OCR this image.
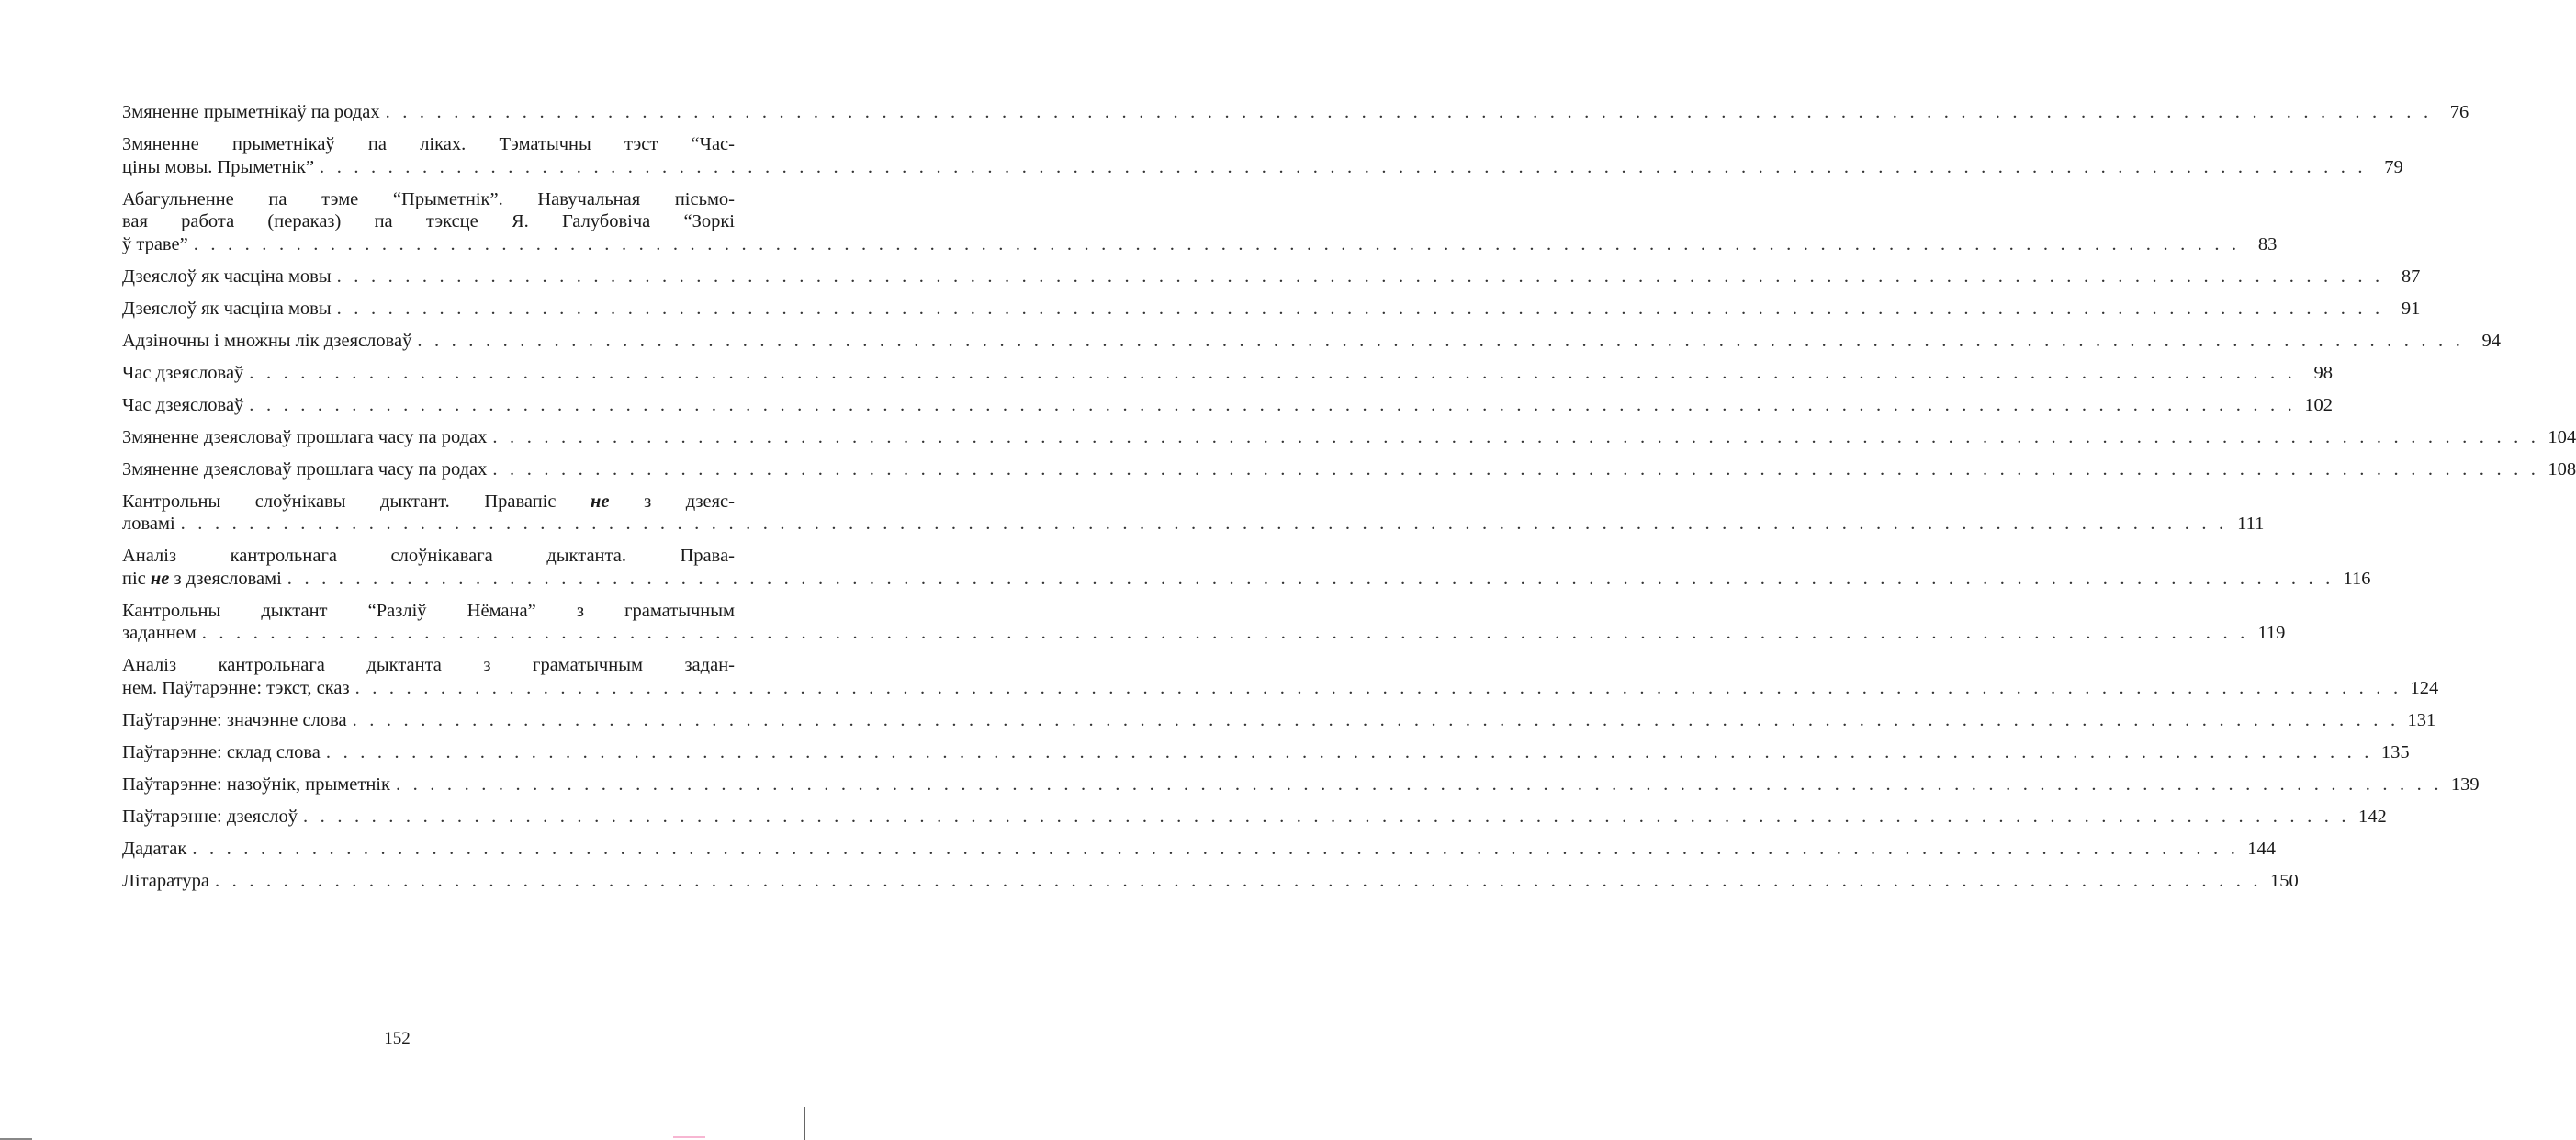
Змяненне прыметнікаў па родах . . . . . . . . . . . . . . . . . . . . . . . . . . . . . . . . . . . . . . . . . . . . . . . . . . . . . . . . . . . . . . . . . . . . . . . . . . . . . . . . . . . . . . . . . . . . . . . . . . . . . . . . . . . . . . . . . . . . . . . . 76
Змяненне прыметнікаў па ліках. Тэматычны тэст “Час-
ціны мовы. Прыметнік” . . . . . . . . . . . . . . . . . . . . . . . . . . . . . . . . . . . . . . . . . . . . . . . . . . . . . . . . . . . . . . . . . . . . . . . . . . . . . . . . . . . . . . . . . . . . . . . . . . . . . . . . . . . . . . . . . . . . . . . . 79
Абагульненне па тэме “Прыметнік”. Навучальная пісьмо-
вая работа (пераказ) па тэксце Я. Галубовіча “Зоркі
ў траве” . . . . . . . . . . . . . . . . . . . . . . . . . . . . . . . . . . . . . . . . . . . . . . . . . . . . . . . . . . . . . . . . . . . . . . . . . . . . . . . . . . . . . . . . . . . . . . . . . . . . . . . . . . . . . . . . . . . . . . . . 83
Дзеяслоў як часціна мовы . . . . . . . . . . . . . . . . . . . . . . . . . . . . . . . . . . . . . . . . . . . . . . . . . . . . . . . . . . . . . . . . . . . . . . . . . . . . . . . . . . . . . . . . . . . . . . . . . . . . . . . . . . . . . . . . . . . . . . . . 87
Дзеяслоў як часціна мовы . . . . . . . . . . . . . . . . . . . . . . . . . . . . . . . . . . . . . . . . . . . . . . . . . . . . . . . . . . . . . . . . . . . . . . . . . . . . . . . . . . . . . . . . . . . . . . . . . . . . . . . . . . . . . . . . . . . . . . . . 91
Адзіночны і множны лік дзеясловаў . . . . . . . . . . . . . . . . . . . . . . . . . . . . . . . . . . . . . . . . . . . . . . . . . . . . . . . . . . . . . . . . . . . . . . . . . . . . . . . . . . . . . . . . . . . . . . . . . . . . . . . . . . . . . . . . . . . . . . . . 94
Час дзеясловаў . . . . . . . . . . . . . . . . . . . . . . . . . . . . . . . . . . . . . . . . . . . . . . . . . . . . . . . . . . . . . . . . . . . . . . . . . . . . . . . . . . . . . . . . . . . . . . . . . . . . . . . . . . . . . . . . . . . . . . . . 98
Час дзеясловаў . . . . . . . . . . . . . . . . . . . . . . . . . . . . . . . . . . . . . . . . . . . . . . . . . . . . . . . . . . . . . . . . . . . . . . . . . . . . . . . . . . . . . . . . . . . . . . . . . . . . . . . . . . . . . . . . . . . . . . . . 102
Змяненне дзеясловаў прошлага часу па родах . . . . . . . . . . . . . . . . . . . . . . . . . . . . . . . . . . . . . . . . . . . . . . . . . . . . . . . . . . . . . . . . . . . . . . . . . . . . . . . . . . . . . . . . . . . . . . . . . . . . . . . . . . . . . . . . . . . . . . . . 104
Змяненне дзеясловаў прошлага часу па родах . . . . . . . . . . . . . . . . . . . . . . . . . . . . . . . . . . . . . . . . . . . . . . . . . . . . . . . . . . . . . . . . . . . . . . . . . . . . . . . . . . . . . . . . . . . . . . . . . . . . . . . . . . . . . . . . . . . . . . . . 108
Кантрольны слоўнікавы дыктант. Правапіс не з дзеяс-
ловамі . . . . . . . . . . . . . . . . . . . . . . . . . . . . . . . . . . . . . . . . . . . . . . . . . . . . . . . . . . . . . . . . . . . . . . . . . . . . . . . . . . . . . . . . . . . . . . . . . . . . . . . . . . . . . . . . . . . . . . . . 111
Аналіз кантрольнага слоўнікавага дыктанта. Права-
піс не з дзеясловамі . . . . . . . . . . . . . . . . . . . . . . . . . . . . . . . . . . . . . . . . . . . . . . . . . . . . . . . . . . . . . . . . . . . . . . . . . . . . . . . . . . . . . . . . . . . . . . . . . . . . . . . . . . . . . . . . . . . . . . . . 116
Кантрольны дыктант “Разліў Нёмана” з граматычным
заданнем . . . . . . . . . . . . . . . . . . . . . . . . . . . . . . . . . . . . . . . . . . . . . . . . . . . . . . . . . . . . . . . . . . . . . . . . . . . . . . . . . . . . . . . . . . . . . . . . . . . . . . . . . . . . . . . . . . . . . . . . 119
Аналіз кантрольнага дыктанта з граматычным задан-
нем. Паўтарэнне: тэкст, сказ . . . . . . . . . . . . . . . . . . . . . . . . . . . . . . . . . . . . . . . . . . . . . . . . . . . . . . . . . . . . . . . . . . . . . . . . . . . . . . . . . . . . . . . . . . . . . . . . . . . . . . . . . . . . . . . . . . . . . . . . 124
Паўтарэнне: значэнне слова . . . . . . . . . . . . . . . . . . . . . . . . . . . . . . . . . . . . . . . . . . . . . . . . . . . . . . . . . . . . . . . . . . . . . . . . . . . . . . . . . . . . . . . . . . . . . . . . . . . . . . . . . . . . . . . . . . . . . . . . 131
Паўтарэнне: склад слова . . . . . . . . . . . . . . . . . . . . . . . . . . . . . . . . . . . . . . . . . . . . . . . . . . . . . . . . . . . . . . . . . . . . . . . . . . . . . . . . . . . . . . . . . . . . . . . . . . . . . . . . . . . . . . . . . . . . . . . . 135
Паўтарэнне: назоўнік, прыметнік . . . . . . . . . . . . . . . . . . . . . . . . . . . . . . . . . . . . . . . . . . . . . . . . . . . . . . . . . . . . . . . . . . . . . . . . . . . . . . . . . . . . . . . . . . . . . . . . . . . . . . . . . . . . . . . . . . . . . . . . 139
Паўтарэнне: дзеяслоў . . . . . . . . . . . . . . . . . . . . . . . . . . . . . . . . . . . . . . . . . . . . . . . . . . . . . . . . . . . . . . . . . . . . . . . . . . . . . . . . . . . . . . . . . . . . . . . . . . . . . . . . . . . . . . . . . . . . . . . . 142
Дадатак . . . . . . . . . . . . . . . . . . . . . . . . . . . . . . . . . . . . . . . . . . . . . . . . . . . . . . . . . . . . . . . . . . . . . . . . . . . . . . . . . . . . . . . . . . . . . . . . . . . . . . . . . . . . . . . . . . . . . . . . 144
Літаратура . . . . . . . . . . . . . . . . . . . . . . . . . . . . . . . . . . . . . . . . . . . . . . . . . . . . . . . . . . . . . . . . . . . . . . . . . . . . . . . . . . . . . . . . . . . . . . . . . . . . . . . . . . . . . . . . . . . . . . . . 150
152
